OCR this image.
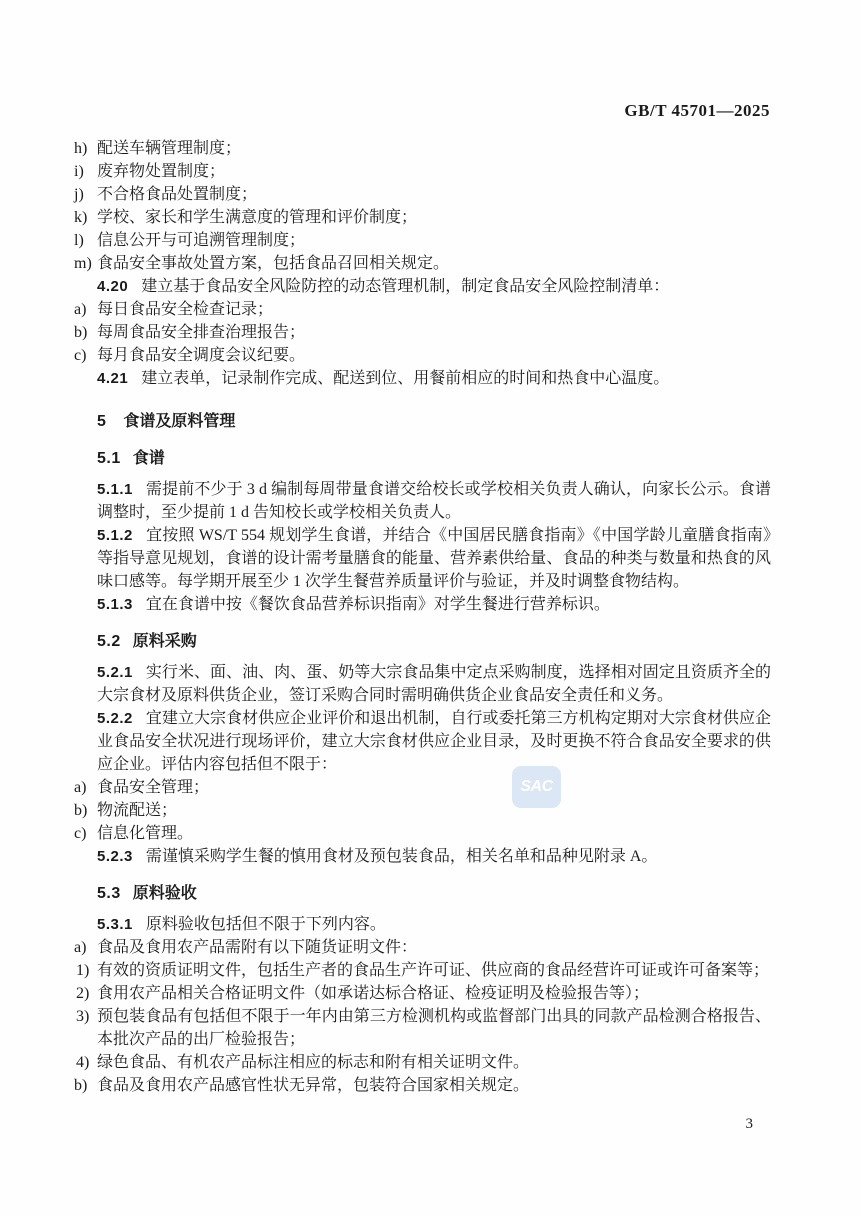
GB/T 45701—2025
SAC

h) 配送车辆管理制度；

i) 废弃物处置制度；

j) 不合格食品处置制度；

k) 学校、家长和学生满意度的管理和评价制度；

l) 信息公开与可追溯管理制度；

m) 食品安全事故处置方案，包括食品召回相关规定。

4.20 建立基于食品安全风险防控的动态管理机制，制定食品安全风险控制清单：

a) 每日食品安全检查记录；

b) 每周食品安全排查治理报告；

c) 每月食品安全调度会议纪要。

4.21 建立表单，记录制作完成、配送到位、用餐前相应的时间和热食中心温度。

5 食谱及原料管理

5.1 食谱

5.1.1 需提前不少于 3 d 编制每周带量食谱交给校长或学校相关负责人确认，向家长公示。食谱调整时，至少提前 1 d 告知校长或学校相关负责人。

5.1.2 宜按照 WS/T 554 规划学生食谱，并结合《中国居民膳食指南》《中国学龄儿童膳食指南》等指导意见规划，食谱的设计需考量膳食的能量、营养素供给量、食品的种类与数量和热食的风味口感等。每学期开展至少 1 次学生餐营养质量评价与验证，并及时调整食物结构。

5.1.3 宜在食谱中按《餐饮食品营养标识指南》对学生餐进行营养标识。

5.2 原料采购

5.2.1 实行米、面、油、肉、蛋、奶等大宗食品集中定点采购制度，选择相对固定且资质齐全的大宗食材及原料供货企业，签订采购合同时需明确供货企业食品安全责任和义务。

5.2.2 宜建立大宗食材供应企业评价和退出机制，自行或委托第三方机构定期对大宗食材供应企业食品安全状况进行现场评价，建立大宗食材供应企业目录，及时更换不符合食品安全要求的供应企业。评估内容包括但不限于：

a) 食品安全管理；

b) 物流配送；

c) 信息化管理。

5.2.3 需谨慎采购学生餐的慎用食材及预包装食品，相关名单和品种见附录 A。

5.3 原料验收

5.3.1 原料验收包括但不限于下列内容。

a) 食品及食用农产品需附有以下随货证明文件：

1) 有效的资质证明文件，包括生产者的食品生产许可证、供应商的食品经营许可证或许可备案等；

2) 食用农产品相关合格证明文件（如承诺达标合格证、检疫证明及检验报告等）；

3) 预包装食品有包括但不限于一年内由第三方检测机构或监督部门出具的同款产品检测合格报告、本批次产品的出厂检验报告；

4) 绿色食品、有机农产品标注相应的标志和附有相关证明文件。

b) 食品及食用农产品感官性状无异常，包装符合国家相关规定。

3
